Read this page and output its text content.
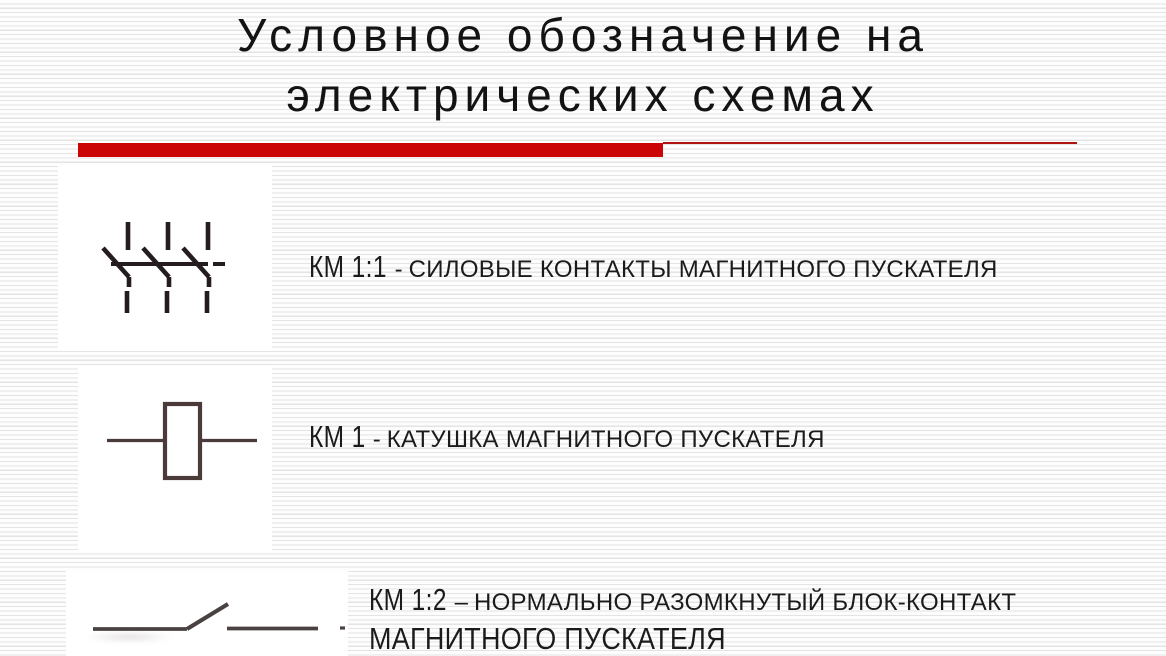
Условное обозначение на
электрических схемах
КМ 1:1 - СИЛОВЫЕ КОНТАКТЫ МАГНИТНОГО ПУСКАТЕЛЯ
КМ 1 - КАТУШКА МАГНИТНОГО ПУСКАТЕЛЯ
КМ 1:2 – НОРМАЛЬНО РАЗОМКНУТЫЙ БЛОК-КОНТАКТ
МАГНИТНОГО ПУСКАТЕЛЯ
